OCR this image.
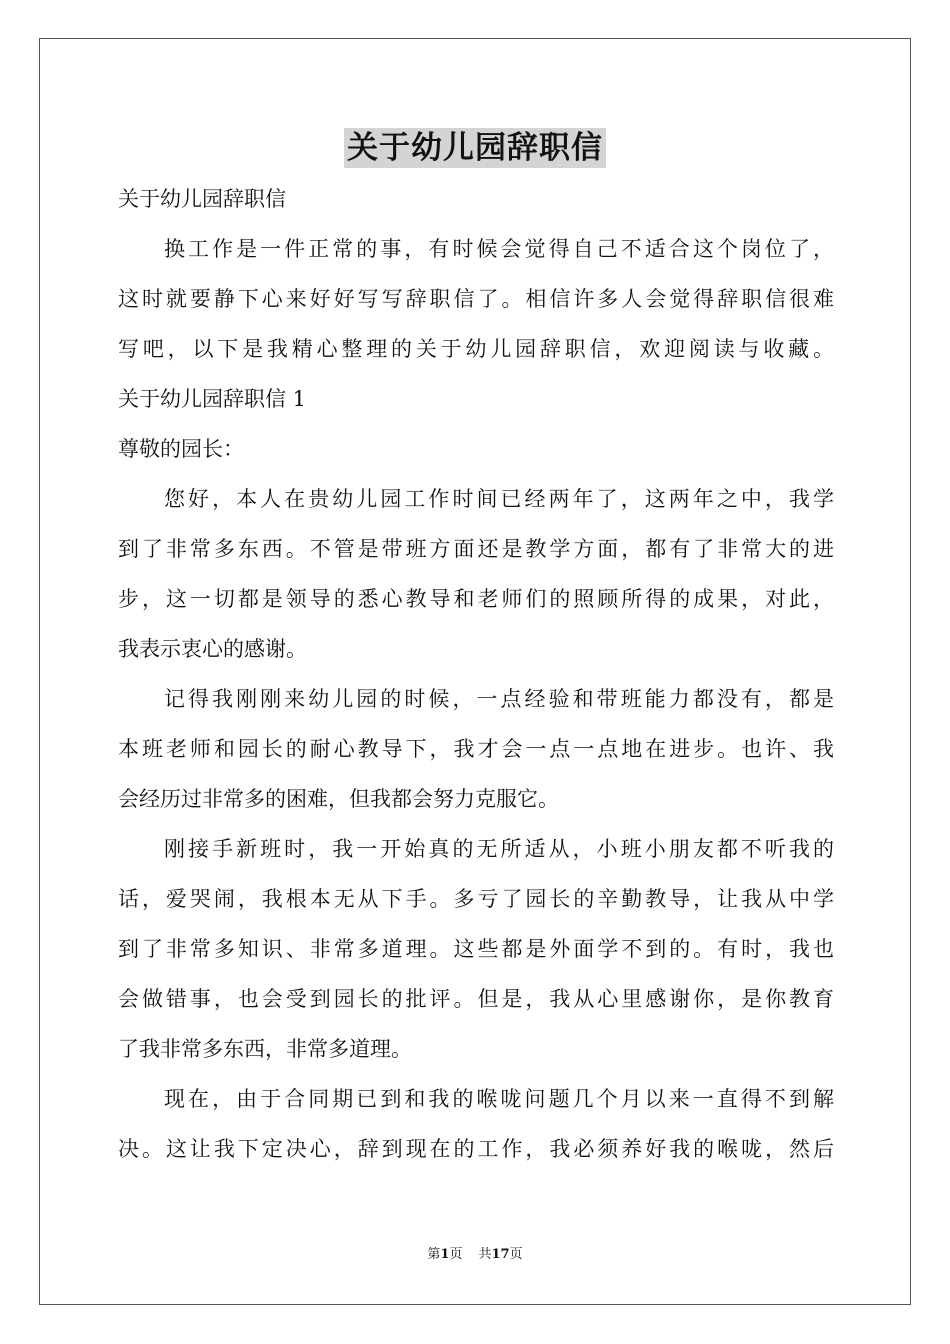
关于幼儿园辞职信
关于幼儿园辞职信
换工作是一件正常的事，有时候会觉得自己不适合这个岗位了，
这时就要静下心来好好写写辞职信了。相信许多人会觉得辞职信很难
写吧，以下是我精心整理的关于幼儿园辞职信，欢迎阅读与收藏。
关于幼儿园辞职信 1
尊敬的园长：
您好，本人在贵幼儿园工作时间已经两年了，这两年之中，我学
到了非常多东西。不管是带班方面还是教学方面，都有了非常大的进
步，这一切都是领导的悉心教导和老师们的照顾所得的成果，对此，
我表示衷心的感谢。
记得我刚刚来幼儿园的时候，一点经验和带班能力都没有，都是
本班老师和园长的耐心教导下，我才会一点一点地在进步。也许、我
会经历过非常多的困难，但我都会努力克服它。
刚接手新班时，我一开始真的无所适从，小班小朋友都不听我的
话，爱哭闹，我根本无从下手。多亏了园长的辛勤教导，让我从中学
到了非常多知识、非常多道理。这些都是外面学不到的。有时，我也
会做错事，也会受到园长的批评。但是，我从心里感谢你，是你教育
了我非常多东西，非常多道理。
现在，由于合同期已到和我的喉咙问题几个月以来一直得不到解
决。这让我下定决心，辞到现在的工作，我必须养好我的喉咙，然后
第1页 共17页
